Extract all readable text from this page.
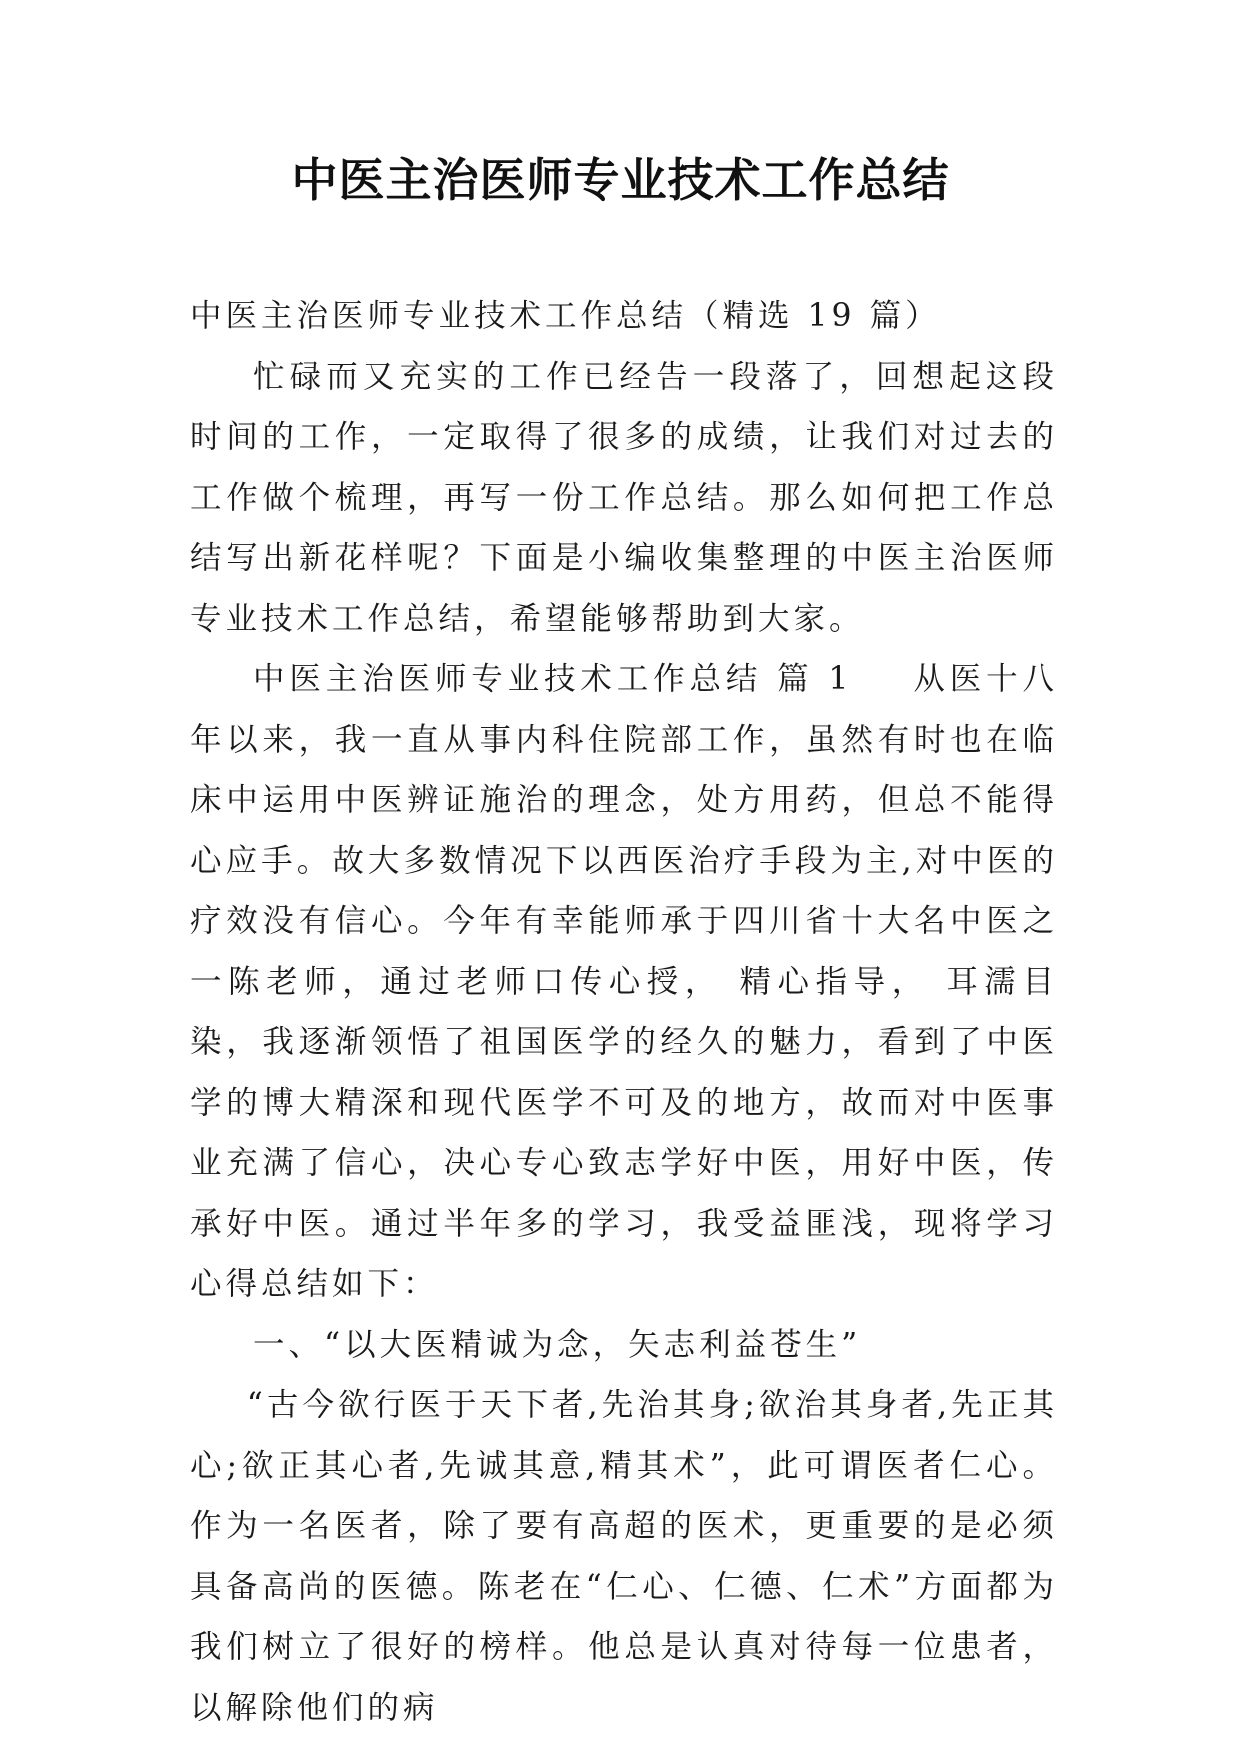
中医主治医师专业技术工作总结

中医主治医师专业技术工作总结（精选 19 篇）

忙碌而又充实的工作已经告一段落了，回想起这段时间的工作，一定取得了很多的成绩，让我们对过去的工作做个梳理，再写一份工作总结。那么如何把工作总结写出新花样呢？下面是小编收集整理的中医主治医师专业技术工作总结，希望能够帮助到大家。

中医主治医师专业技术工作总结 篇 1 从医十八年以来，我一直从事内科住院部工作，虽然有时也在临床中运用中医辨证施治的理念，处方用药，但总不能得心应手。故大多数情况下以西医治疗手段为主,对中医的疗效没有信心。今年有幸能师承于四川省十大名中医之一陈老师，通过老师口传心授， 精心指导， 耳濡目染，我逐渐领悟了祖国医学的经久的魅力，看到了中医学的博大精深和现代医学不可及的地方，故而对中医事业充满了信心，决心专心致志学好中医，用好中医，传承好中医。通过半年多的学习，我受益匪浅，现将学习心得总结如下：

一、“以大医精诚为念，矢志利益苍生”

“古今欲行医于天下者,先治其身;欲治其身者,先正其心;欲正其心者,先诚其意,精其术”，此可谓医者仁心。作为一名医者，除了要有高超的医术，更重要的是必须具备高尚的医德。陈老在“仁心、仁德、仁术”方面都为我们树立了很好的榜样。他总是认真对待每一位患者，以解除他们的病
